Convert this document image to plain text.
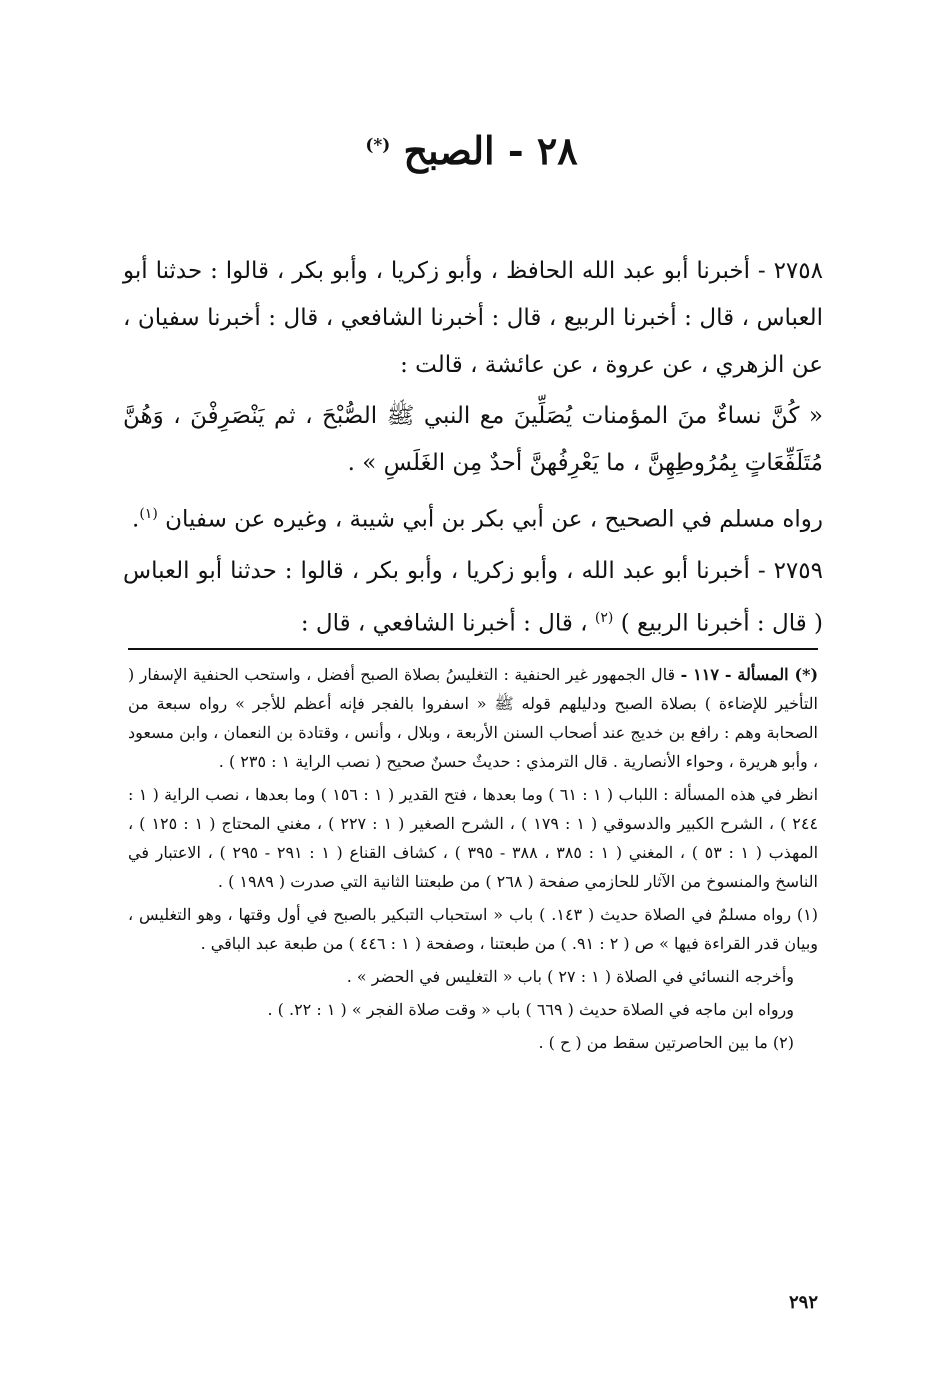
٢٨ - الصبح (*)

٢٧٥٨ - أخبرنا أبو عبد الله الحافظ ، وأبو زكريا ، وأبو بكر ، قالوا : حدثنا أبو العباس ، قال : أخبرنا الربيع ، قال : أخبرنا الشافعي ، قال : أخبرنا سفيان ، عن الزهري ، عن عروة ، عن عائشة ، قالت :

« كُنَّ نساءٌ منَ المؤمنات يُصَلِّينَ مع النبي ﷺ الصُّبْحَ ، ثم يَنْصَرِفْنَ ، وَهُنَّ مُتَلَفِّعَاتٍ بِمُرُوطِهِنَّ ، ما يَعْرِفُهنَّ أحدٌ مِن الغَلَسِ » .

رواه مسلم في الصحيح ، عن أبي بكر بن أبي شيبة ، وغيره عن سفيان $^{(١)}$.

٢٧٥٩ - أخبرنا أبو عبد الله ، وأبو زكريا ، وأبو بكر ، قالوا : حدثنا أبو العباس ( قال : أخبرنا الربيع ) $^{(٢)}$ ، قال : أخبرنا الشافعي ، قال :

(*) المسألة - ١١٧ - قال الجمهور غير الحنفية : التغليسُ بصلاة الصبح أفضل ، واستحب الحنفية الإسفار ( التأخير للإضاءة ) بصلاة الصبح ودليلهم قوله ﷺ « اسفروا بالفجر فإنه أعظم للأجر » رواه سبعة من الصحابة وهم : رافع بن خديج عند أصحاب السنن الأربعة ، وبلال ، وأنس ، وقتادة بن النعمان ، وابن مسعود ، وأبو هريرة ، وحواء الأنصارية . قال الترمذي : حديثٌ حسنٌ صحيح ( نصب الراية ١ : ٢٣٥ ) .

انظر في هذه المسألة : اللباب ( ١ : ٦١ ) وما بعدها ، فتح القدير ( ١ : ١٥٦ ) وما بعدها ، نصب الراية ( ١ : ٢٤٤ ) ، الشرح الكبير والدسوقي ( ١ : ١٧٩ ) ، الشرح الصغير ( ١ : ٢٢٧ ) ، مغني المحتاج ( ١ : ١٢٥ ) ، المهذب ( ١ : ٥٣ ) ، المغني ( ١ : ٣٨٥ ، ٣٨٨ - ٣٩٥ ) ، كشاف القناع ( ١ : ٢٩١ - ٢٩٥ ) ، الاعتبار في الناسخ والمنسوخ من الآثار للحازمي صفحة ( ٢٦٨ ) من طبعتنا الثانية التي صدرت ( ١٩٨٩ ) .

(١) رواه مسلمٌ في الصلاة حديث ( ١٤٣. ) باب « استحباب التبكير بالصبح في أول وقتها ، وهو التغليس ، وبيان قدر القراءة فيها » ص ( ٢ : ٩١. ) من طبعتنا ، وصفحة ( ١ : ٤٤٦ ) من طبعة عبد الباقي .

وأخرجه النسائي في الصلاة ( ١ : ٢٧ ) باب « التغليس في الحضر » .

ورواه ابن ماجه في الصلاة حديث ( ٦٦٩ ) باب « وقت صلاة الفجر » ( ١ : ٢٢. ) .

(٢) ما بين الحاصرتين سقط من ( ح ) .

٢٩٢
